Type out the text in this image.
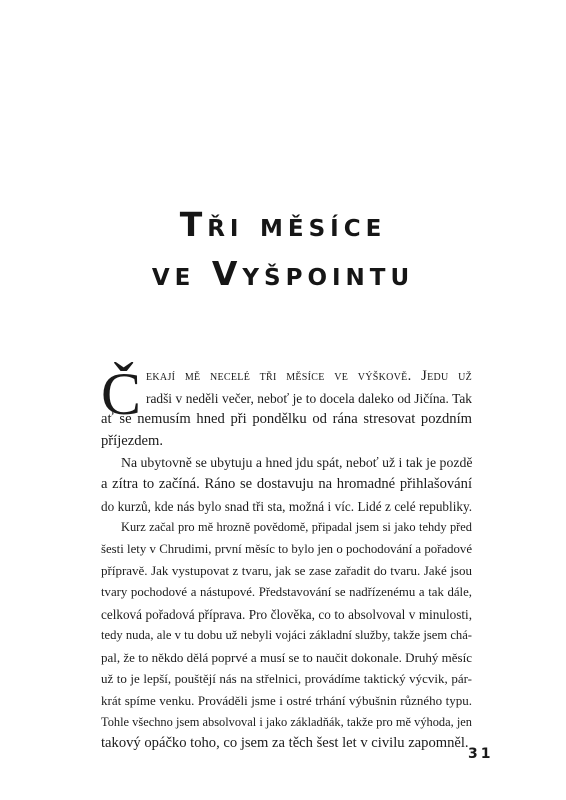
Tři měsíce
ve Vyšpointu
Č ekají mě necelé tři měsíce ve výškově. Jedu už
radši v neděli večer, neboť je to docela daleko od Jičína. Tak
ať se nemusím hned při pondělku od rána stresovat pozdním
příjezdem.
Na ubytovně se ubytuju a hned jdu spát, neboť už i tak je pozdě
a zítra to začíná. Ráno se dostavuju na hromadné přihlašování
do kurzů, kde nás bylo snad tři sta, možná i víc. Lidé z celé republiky.
Kurz začal pro mě hrozně povědomě, připadal jsem si jako tehdy před
šesti lety v Chrudimi, první měsíc to bylo jen o pochodování a pořadové
přípravě. Jak vystupovat z tvaru, jak se zase zařadit do tvaru. Jaké jsou
tvary pochodové a nástupové. Představování se nadřízenému a tak dále,
celková pořadová příprava. Pro člověka, co to absolvoval v minulosti,
tedy nuda, ale v tu dobu už nebyli vojáci základní služby, takže jsem chá-
pal, že to někdo dělá poprvé a musí se to naučit dokonale. Druhý měsíc
už to je lepší, pouštějí nás na střelnici, provádíme taktický výcvik, pár-
krát spíme venku. Prováděli jsme i ostré trhání výbušnin různého typu.
Tohle všechno jsem absolvoval i jako základňák, takže pro mě výhoda, jen
takový opáčko toho, co jsem za těch šest let v civilu zapomněl.

31
